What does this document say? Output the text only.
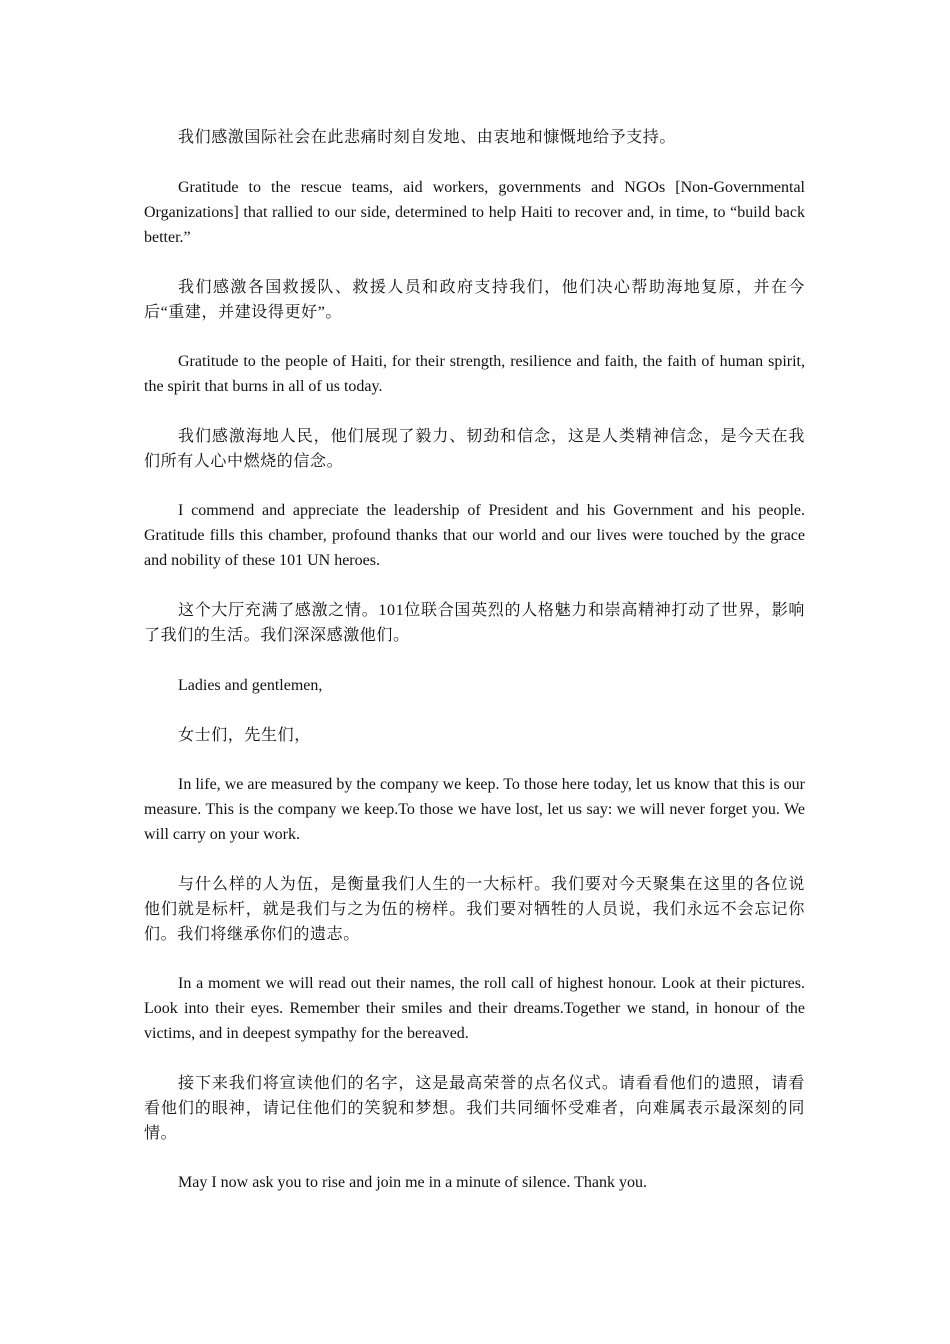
我们感激国际社会在此悲痛时刻自发地、由衷地和慷慨地给予支持。

Gratitude to the rescue teams, aid workers, governments and NGOs [Non-Governmental Organizations] that rallied to our side, determined to help Haiti to recover and, in time, to “build back better.”

我们感激各国救援队、救援人员和政府支持我们，他们决心帮助海地复原，并在今后“重建，并建设得更好”。

Gratitude to the people of Haiti, for their strength, resilience and faith, the faith of human spirit, the spirit that burns in all of us today.

我们感激海地人民，他们展现了毅力、韧劲和信念，这是人类精神信念，是今天在我们所有人心中燃烧的信念。

I commend and appreciate the leadership of President and his Government and his people. Gratitude fills this chamber, profound thanks that our world and our lives were touched by the grace and nobility of these 101 UN heroes.

这个大厅充满了感激之情。101位联合国英烈的人格魅力和崇高精神打动了世界，影响了我们的生活。我们深深感激他们。

Ladies and gentlemen,

女士们，先生们，

In life, we are measured by the company we keep. To those here today, let us know that this is our measure. This is the company we keep.To those we have lost, let us say: we will never forget you. We will carry on your work.

与什么样的人为伍，是衡量我们人生的一大标杆。我们要对今天聚集在这里的各位说他们就是标杆，就是我们与之为伍的榜样。我们要对牺牲的人员说，我们永远不会忘记你们。我们将继承你们的遗志。

In a moment we will read out their names, the roll call of highest honour. Look at their pictures. Look into their eyes. Remember their smiles and their dreams.Together we stand, in honour of the victims, and in deepest sympathy for the bereaved.

接下来我们将宣读他们的名字，这是最高荣誉的点名仪式。请看看他们的遗照，请看看他们的眼神，请记住他们的笑貌和梦想。我们共同缅怀受难者，向难属表示最深刻的同情。

May I now ask you to rise and join me in a minute of silence. Thank you.
